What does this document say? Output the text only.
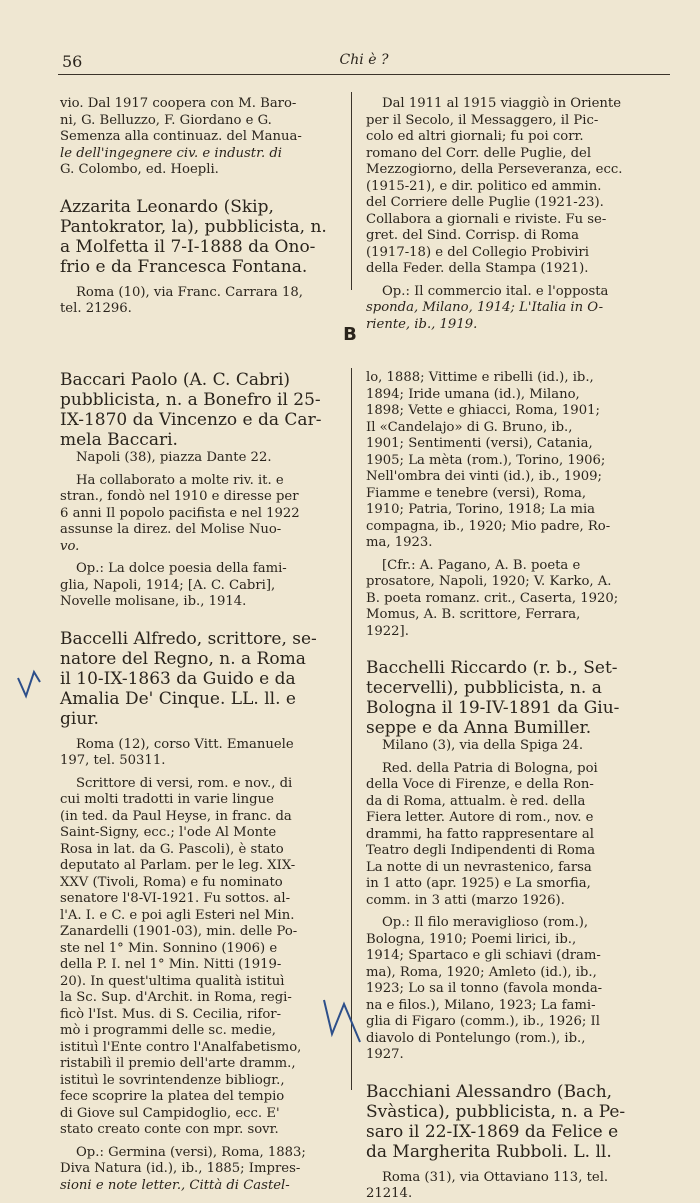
56	Chi è ?

vio. Dal 1917 coopera con M. Baro-

ni, G. Belluzzo, F. Giordano e G.

Semenza alla continuaz. del Manua-

le dell'ingegnere civ. e industr. di

G. Colombo, ed. Hoepli.

Azzarita Leonardo (Skip,

Pantokrator, la), pubblicista, n.

a Molfetta il 7-I-1888 da Ono-

frio e da Francesca Fontana.

Roma (10), via Franc. Carrara 18,

tel. 21296.

Dal 1911 al 1915 viaggiò in Oriente

per il Secolo, il Messaggero, il Pic-

colo ed altri giornali; fu poi corr.

romano del Corr. delle Puglie, del

Mezzogiorno, della Perseveranza, ecc.

(1915-21), e dir. politico ed ammin.

del Corriere delle Puglie (1921-23).

Collabora a giornali e riviste. Fu se-

gret. del Sind. Corrisp. di Roma

(1917-18) e del Collegio Probiviri

della Feder. della Stampa (1921).

Op.: Il commercio ital. e l'opposta

sponda, Milano, 1914; L'Italia in O-

riente, ib., 1919.

B

Baccari Paolo (A. C. Cabri)

pubblicista, n. a Bonefro il 25-

IX-1870 da Vincenzo e da Car-

mela Baccari.

Napoli (38), piazza Dante 22.

Ha collaborato a molte riv. it. e

stran., fondò nel 1910 e diresse per

6 anni Il popolo pacifista e nel 1922

assunse la direz. del Molise Nuo-

vo.

Op.: La dolce poesia della fami-

glia, Napoli, 1914; [A. C. Cabri],

Novelle molisane, ib., 1914.

Baccelli Alfredo, scrittore, se-

natore del Regno, n. a Roma

il 10-IX-1863 da Guido e da

Amalia De' Cinque. LL. ll. e

giur.

Roma (12), corso Vitt. Emanuele

197, tel. 50311.

Scrittore di versi, rom. e nov., di

cui molti tradotti in varie lingue

(in ted. da Paul Heyse, in franc. da

Saint-Signy, ecc.; l'ode Al Monte

Rosa in lat. da G. Pascoli), è stato

deputato al Parlam. per le leg. XIX-

XXV (Tivoli, Roma) e fu nominato

senatore l'8-VI-1921. Fu sottos. al-

l'A. I. e C. e poi agli Esteri nel Min.

Zanardelli (1901-03), min. delle Po-

ste nel 1° Min. Sonnino (1906) e

della P. I. nel 1° Min. Nitti (1919-

20). In quest'ultima qualità istituì

la Sc. Sup. d'Archit. in Roma, regi-

ficò l'Ist. Mus. di S. Cecilia, rifor-

mò i programmi delle sc. medie,

istituì l'Ente contro l'Analfabetismo,

ristabilì il premio dell'arte dramm.,

istituì le sovrintendenze bibliogr.,

fece scoprire la platea del tempio

di Giove sul Campidoglio, ecc. E'

stato creato conte con mpr. sovr.

Op.: Germina (versi), Roma, 1883;

Diva Natura (id.), ib., 1885; Impres-

sioni e note letter., Città di Castel-

lo, 1888; Vittime e ribelli (id.), ib.,

1894; Iride umana (id.), Milano,

1898; Vette e ghiacci, Roma, 1901;

Il «Candelajo» di G. Bruno, ib.,

1901; Sentimenti (versi), Catania,

1905; La mèta (rom.), Torino, 1906;

Nell'ombra dei vinti (id.), ib., 1909;

Fiamme e tenebre (versi), Roma,

1910; Patria, Torino, 1918; La mia

compagna, ib., 1920; Mio padre, Ro-

ma, 1923.

[Cfr.: A. Pagano, A. B. poeta e

prosatore, Napoli, 1920; V. Karko, A.

B. poeta romanz. crit., Caserta, 1920;

Momus, A. B. scrittore, Ferrara,

1922].

Bacchelli Riccardo (r. b., Set-

tecervelli), pubblicista, n. a

Bologna il 19-IV-1891 da Giu-

seppe e da Anna Bumiller.

Milano (3), via della Spiga 24.

Red. della Patria di Bologna, poi

della Voce di Firenze, e della Ron-

da di Roma, attualm. è red. della

Fiera letter. Autore di rom., nov. e

drammi, ha fatto rappresentare al

Teatro degli Indipendenti di Roma

La notte di un nevrastenico, farsa

in 1 atto (apr. 1925) e La smorfia,

comm. in 3 atti (marzo 1926).

Op.: Il filo meraviglioso (rom.),

Bologna, 1910; Poemi lirici, ib.,

1914; Spartaco e gli schiavi (dram-

ma), Roma, 1920; Amleto (id.), ib.,

1923; Lo sa il tonno (favola monda-

na e filos.), Milano, 1923; La fami-

glia di Figaro (comm.), ib., 1926; Il

diavolo di Pontelungo (rom.), ib.,

1927.

Bacchiani Alessandro (Bach,

Svàstica), pubblicista, n. a Pe-

saro il 22-IX-1869 da Felice e

da Margherita Rubboli. L. ll.

Roma (31), via Ottaviano 113, tel.

21214.
